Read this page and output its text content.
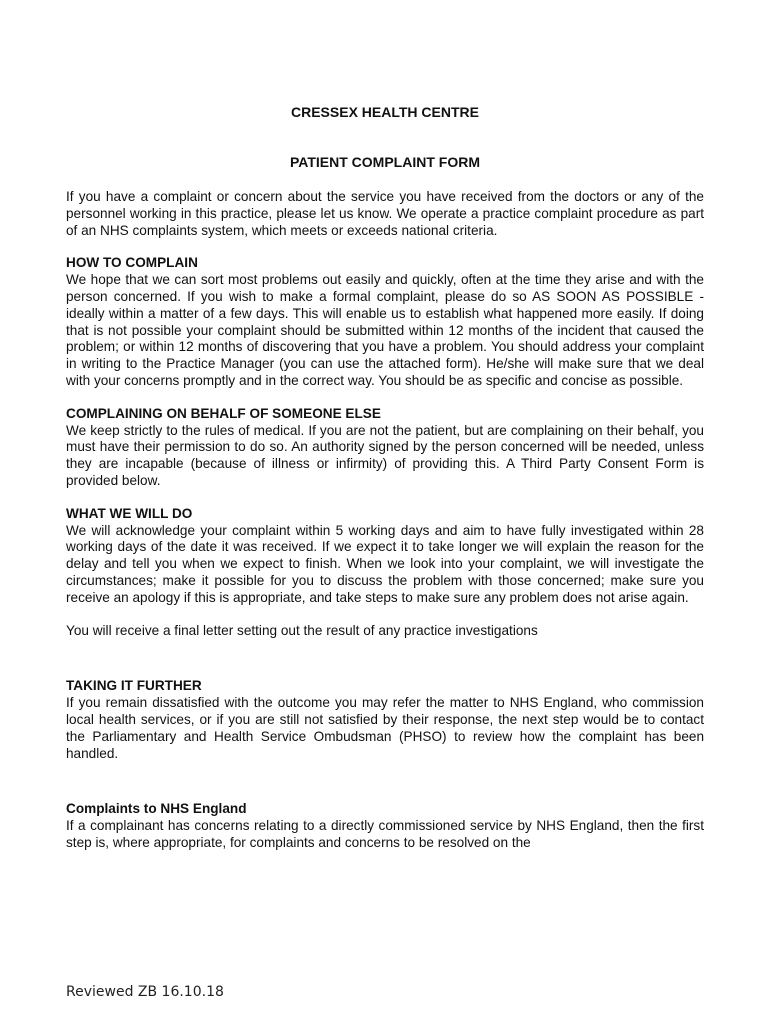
CRESSEX HEALTH CENTRE
PATIENT COMPLAINT FORM

If you have a complaint or concern about the service you have received from the doctors or any of the personnel working in this practice, please let us know. We operate a practice complaint procedure as part of an NHS complaints system, which meets or exceeds national criteria.

HOW TO COMPLAIN

We hope that we can sort most problems out easily and quickly, often at the time they arise and with the person concerned. If you wish to make a formal complaint, please do so AS SOON AS POSSIBLE - ideally within a matter of a few days. This will enable us to establish what happened more easily. If doing that is not possible your complaint should be submitted within 12 months of the incident that caused the problem; or within 12 months of discovering that you have a problem. You should address your complaint in writing to the Practice Manager (you can use the attached form). He/she will make sure that we deal with your concerns promptly and in the correct way. You should be as specific and concise as possible.

COMPLAINING ON BEHALF OF SOMEONE ELSE

We keep strictly to the rules of medical. If you are not the patient, but are complaining on their behalf, you must have their permission to do so. An authority signed by the person concerned will be needed, unless they are incapable (because of illness or infirmity) of providing this. A Third Party Consent Form is provided below.

WHAT WE WILL DO

We will acknowledge your complaint within 5 working days and aim to have fully investigated within 28 working days of the date it was received. If we expect it to take longer we will explain the reason for the delay and tell you when we expect to finish. When we look into your complaint, we will investigate the circumstances; make it possible for you to discuss the problem with those concerned; make sure you receive an apology if this is appropriate, and take steps to make sure any problem does not arise again.

You will receive a final letter setting out the result of any practice investigations

TAKING IT FURTHER

If you remain dissatisfied with the outcome you may refer the matter to NHS England, who commission local health services, or if you are still not satisfied by their response, the next step would be to contact the Parliamentary and Health Service Ombudsman (PHSO) to review how the complaint has been handled.

Complaints to NHS England

If a complainant has concerns relating to a directly commissioned service by NHS England, then the first step is, where appropriate, for complaints and concerns to be resolved on the

Reviewed ZB 16.10.18
